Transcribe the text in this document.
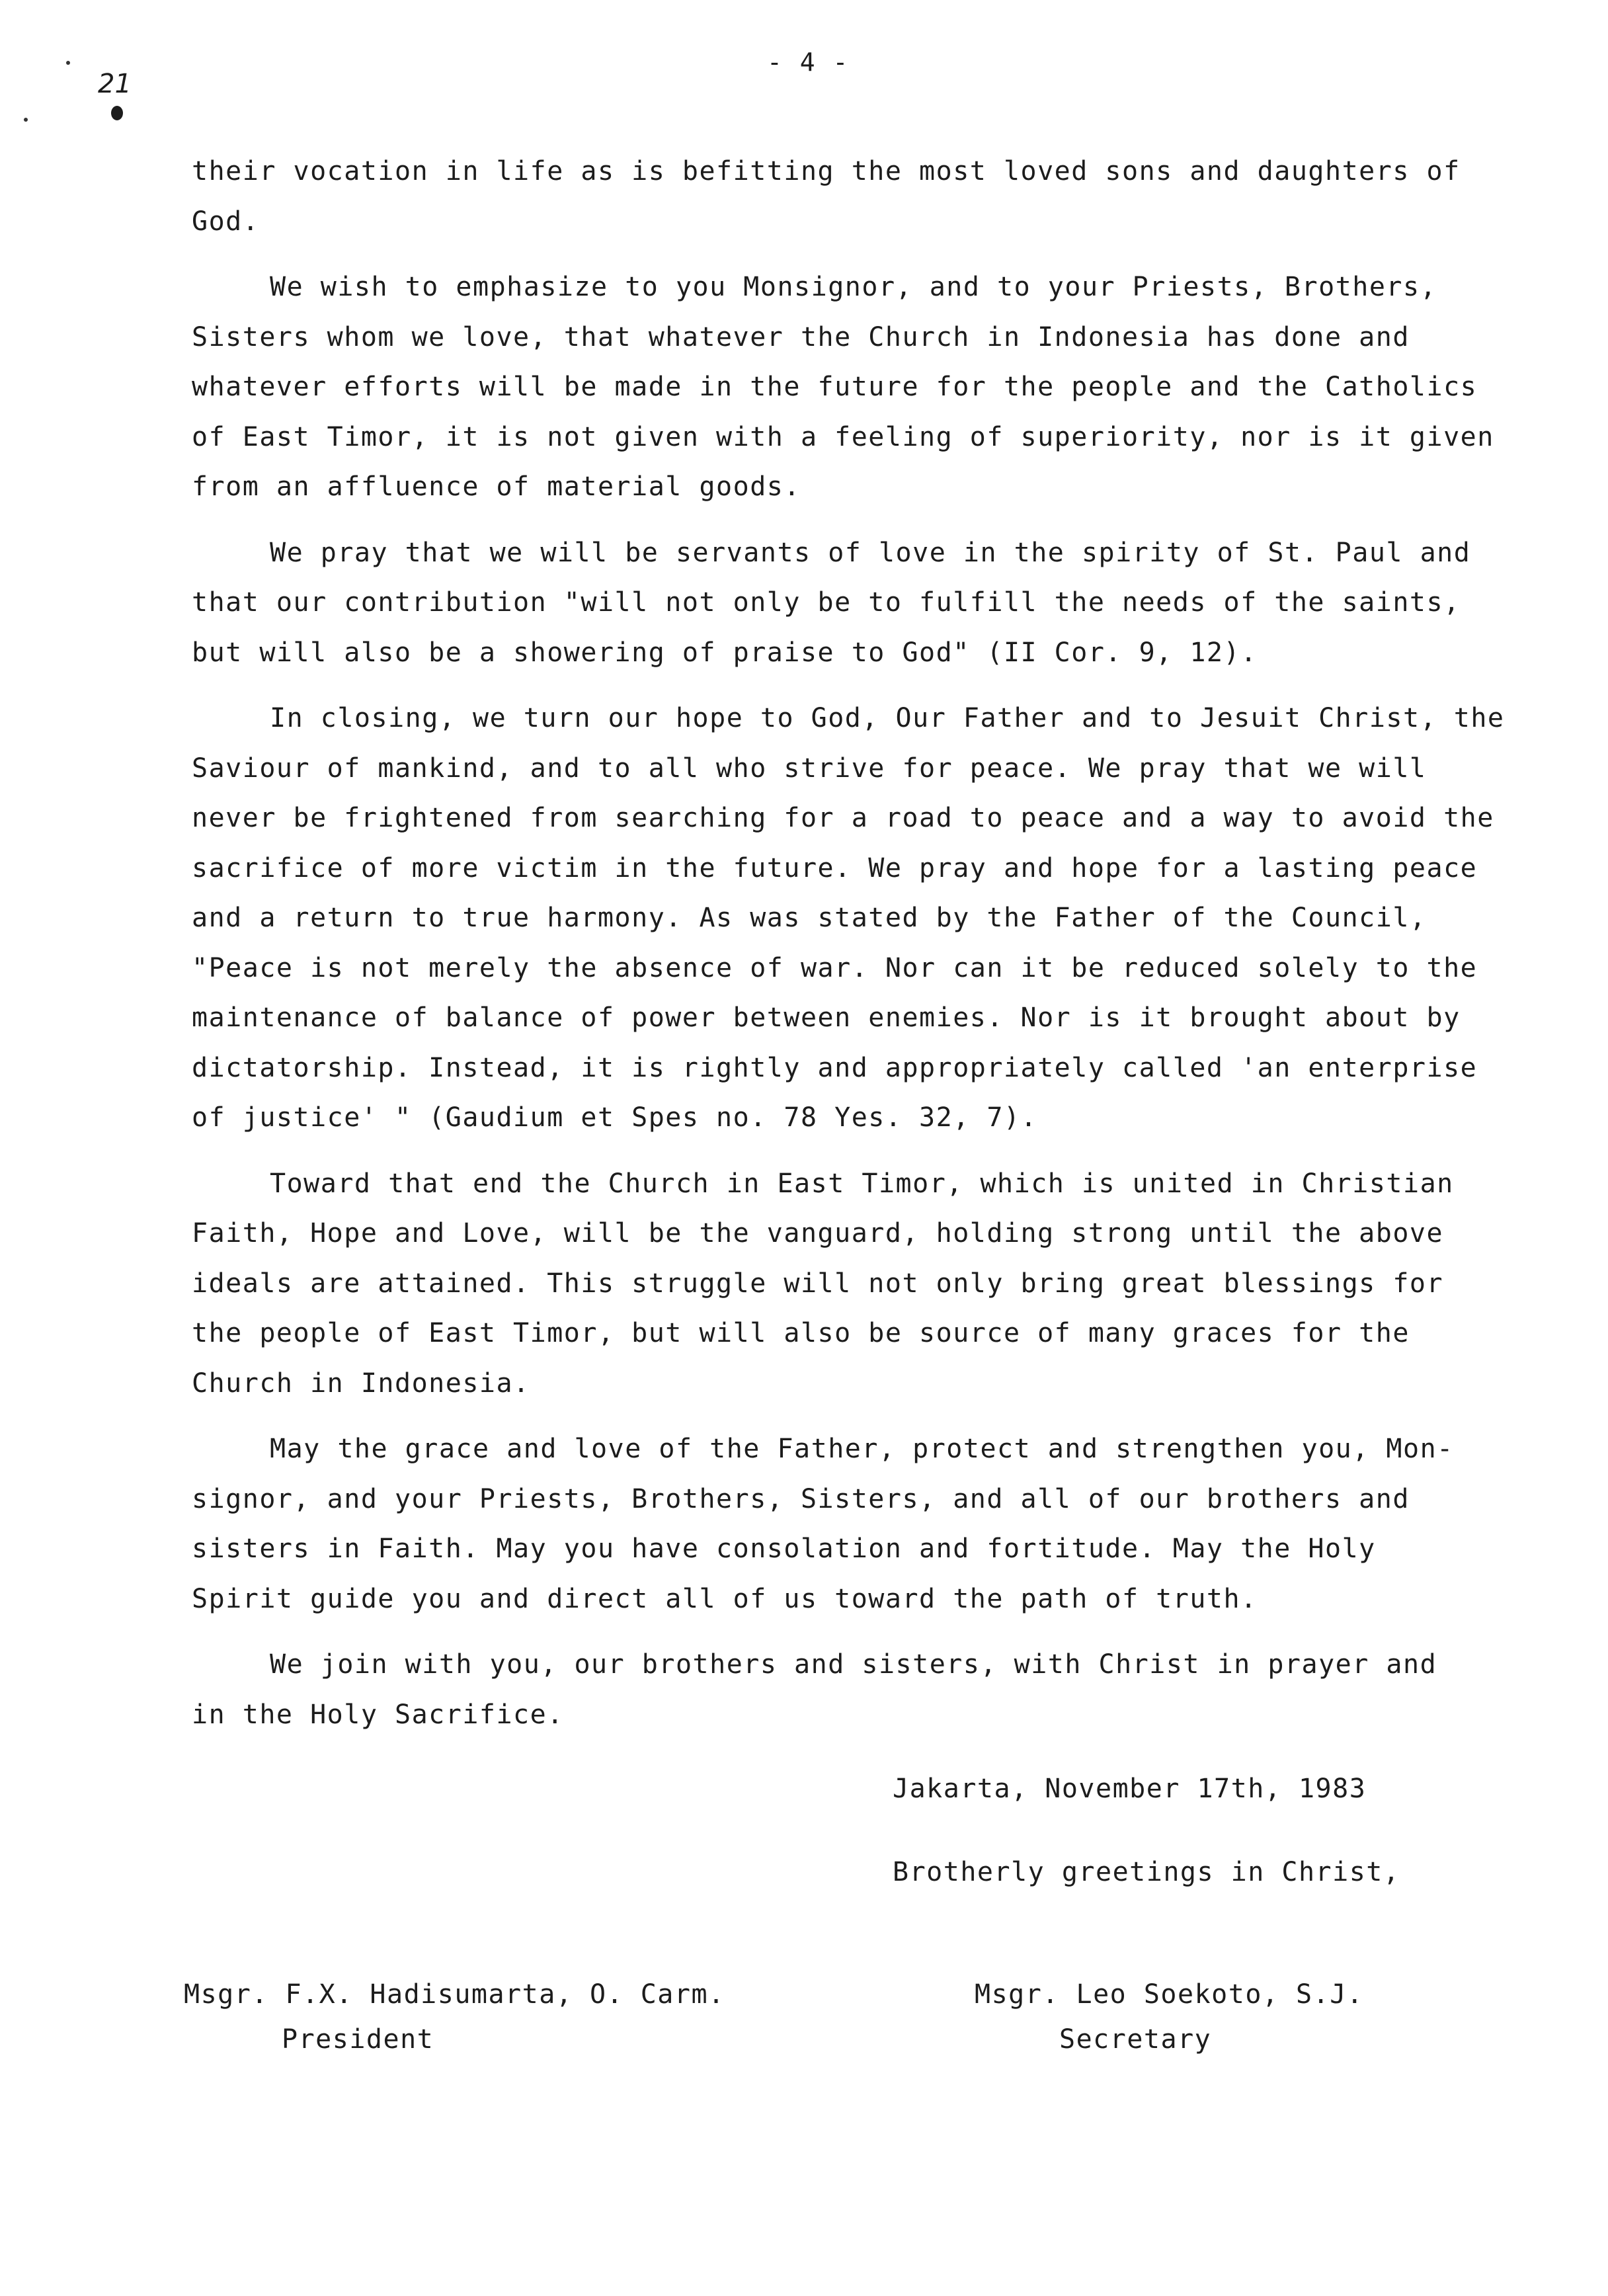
- 4 -
21

their vocation in life as is befitting the most loved sons and daughters of
God.

We wish to emphasize to you Monsignor, and to your Priests, Brothers,
Sisters whom we love, that whatever the Church in Indonesia has done and
whatever efforts will be made in the future for the people and the Catholics
of East Timor, it is not given with a feeling of superiority, nor is it given
from an affluence of material goods.

We pray that we will be servants of love in the spirity of St. Paul and
that our contribution "will not only be to fulfill the needs of the saints,
but will also be a showering of praise to God" (II Cor. 9, 12).

In closing, we turn our hope to God, Our Father and to Jesuit Christ, the
Saviour of mankind, and to all who strive for peace. We pray that we will
never be frightened from searching for a road to peace and a way to avoid the
sacrifice of more victim in the future. We pray and hope for a lasting peace
and a return to true harmony. As was stated by the Father of the Council,
"Peace is not merely the absence of war. Nor can it be reduced solely to the
maintenance of balance of power between enemies. Nor is it brought about by
dictatorship. Instead, it is rightly and appropriately called 'an enterprise
of justice' " (Gaudium et Spes no. 78 Yes. 32, 7).

Toward that end the Church in East Timor, which is united in Christian
Faith, Hope and Love, will be the vanguard, holding strong until the above
ideals are attained. This struggle will not only bring great blessings for
the people of East Timor, but will also be source of many graces for the
Church in Indonesia.

May the grace and love of the Father, protect and strengthen you, Mon-
signor, and your Priests, Brothers, Sisters, and all of our brothers and
sisters in Faith. May you have consolation and fortitude. May the Holy
Spirit guide you and direct all of us toward the path of truth.

We join with you, our brothers and sisters, with Christ in prayer and
in the Holy Sacrifice.

Jakarta, November 17th, 1983
Brotherly greetings in Christ,
Msgr. F.X. Hadisumarta, O. Carm.
President
Msgr. Leo Soekoto, S.J.
Secretary
